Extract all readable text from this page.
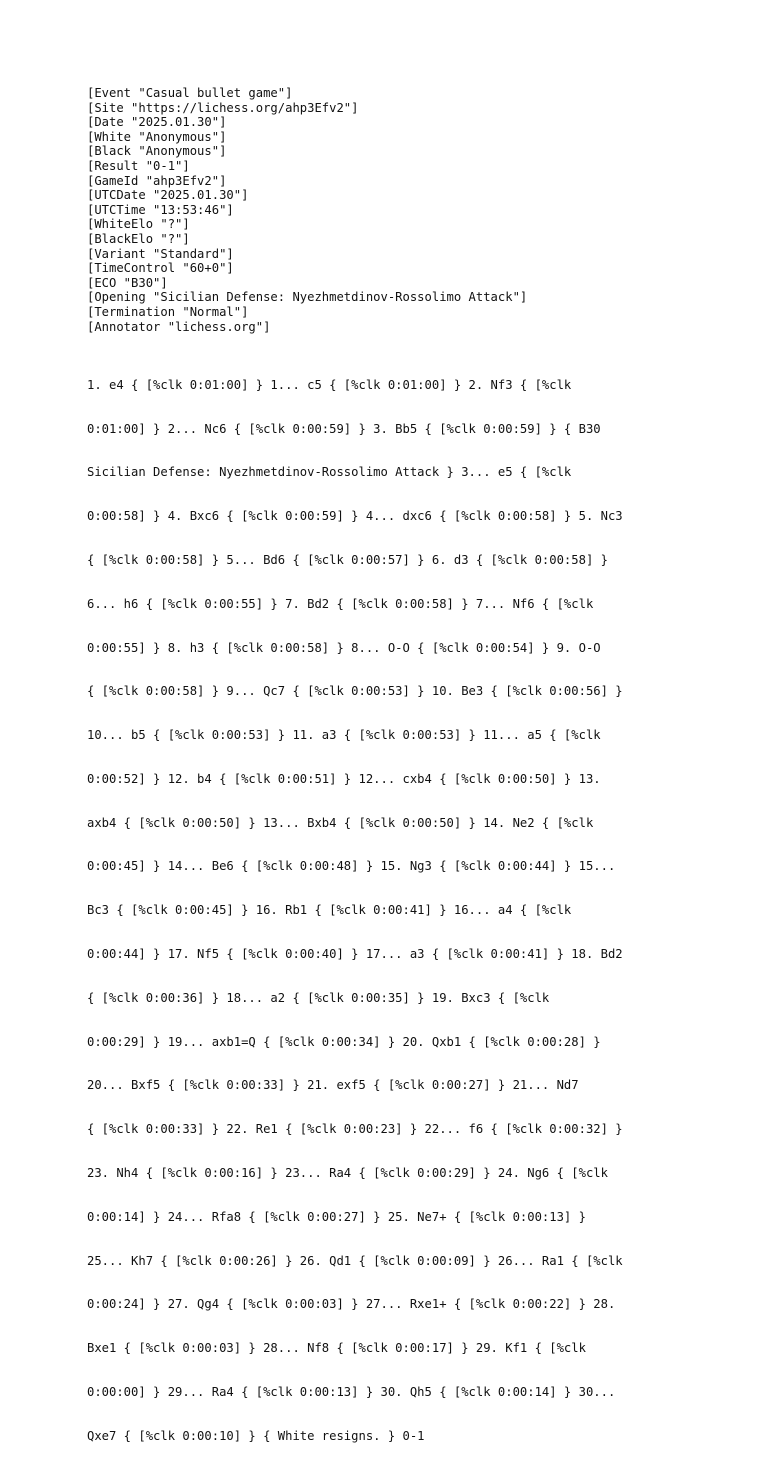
[Event "Casual bullet game"]
[Site "https://lichess.org/ahp3Efv2"]
[Date "2025.01.30"]
[White "Anonymous"]
[Black "Anonymous"]
[Result "0-1"]
[GameId "ahp3Efv2"]
[UTCDate "2025.01.30"]
[UTCTime "13:53:46"]
[WhiteElo "?"]
[BlackElo "?"]
[Variant "Standard"]
[TimeControl "60+0"]
[ECO "B30"]
[Opening "Sicilian Defense: Nyezhmetdinov-Rossolimo Attack"]
[Termination "Normal"]
[Annotator "lichess.org"]

1. e4 { [%clk 0:01:00] } 1... c5 { [%clk 0:01:00] } 2. Nf3 { [%clk

0:01:00] } 2... Nc6 { [%clk 0:00:59] } 3. Bb5 { [%clk 0:00:59] } { B30

Sicilian Defense: Nyezhmetdinov-Rossolimo Attack } 3... e5 { [%clk

0:00:58] } 4. Bxc6 { [%clk 0:00:59] } 4... dxc6 { [%clk 0:00:58] } 5. Nc3

{ [%clk 0:00:58] } 5... Bd6 { [%clk 0:00:57] } 6. d3 { [%clk 0:00:58] }

6... h6 { [%clk 0:00:55] } 7. Bd2 { [%clk 0:00:58] } 7... Nf6 { [%clk

0:00:55] } 8. h3 { [%clk 0:00:58] } 8... O-O { [%clk 0:00:54] } 9. O-O

{ [%clk 0:00:58] } 9... Qc7 { [%clk 0:00:53] } 10. Be3 { [%clk 0:00:56] }

10... b5 { [%clk 0:00:53] } 11. a3 { [%clk 0:00:53] } 11... a5 { [%clk

0:00:52] } 12. b4 { [%clk 0:00:51] } 12... cxb4 { [%clk 0:00:50] } 13.

axb4 { [%clk 0:00:50] } 13... Bxb4 { [%clk 0:00:50] } 14. Ne2 { [%clk

0:00:45] } 14... Be6 { [%clk 0:00:48] } 15. Ng3 { [%clk 0:00:44] } 15...

Bc3 { [%clk 0:00:45] } 16. Rb1 { [%clk 0:00:41] } 16... a4 { [%clk

0:00:44] } 17. Nf5 { [%clk 0:00:40] } 17... a3 { [%clk 0:00:41] } 18. Bd2

{ [%clk 0:00:36] } 18... a2 { [%clk 0:00:35] } 19. Bxc3 { [%clk

0:00:29] } 19... axb1=Q { [%clk 0:00:34] } 20. Qxb1 { [%clk 0:00:28] }

20... Bxf5 { [%clk 0:00:33] } 21. exf5 { [%clk 0:00:27] } 21... Nd7

{ [%clk 0:00:33] } 22. Re1 { [%clk 0:00:23] } 22... f6 { [%clk 0:00:32] }

23. Nh4 { [%clk 0:00:16] } 23... Ra4 { [%clk 0:00:29] } 24. Ng6 { [%clk

0:00:14] } 24... Rfa8 { [%clk 0:00:27] } 25. Ne7+ { [%clk 0:00:13] }

25... Kh7 { [%clk 0:00:26] } 26. Qd1 { [%clk 0:00:09] } 26... Ra1 { [%clk

0:00:24] } 27. Qg4 { [%clk 0:00:03] } 27... Rxe1+ { [%clk 0:00:22] } 28.

Bxe1 { [%clk 0:00:03] } 28... Nf8 { [%clk 0:00:17] } 29. Kf1 { [%clk

0:00:00] } 29... Ra4 { [%clk 0:00:13] } 30. Qh5 { [%clk 0:00:14] } 30...

Qxe7 { [%clk 0:00:10] } { White resigns. } 0-1
